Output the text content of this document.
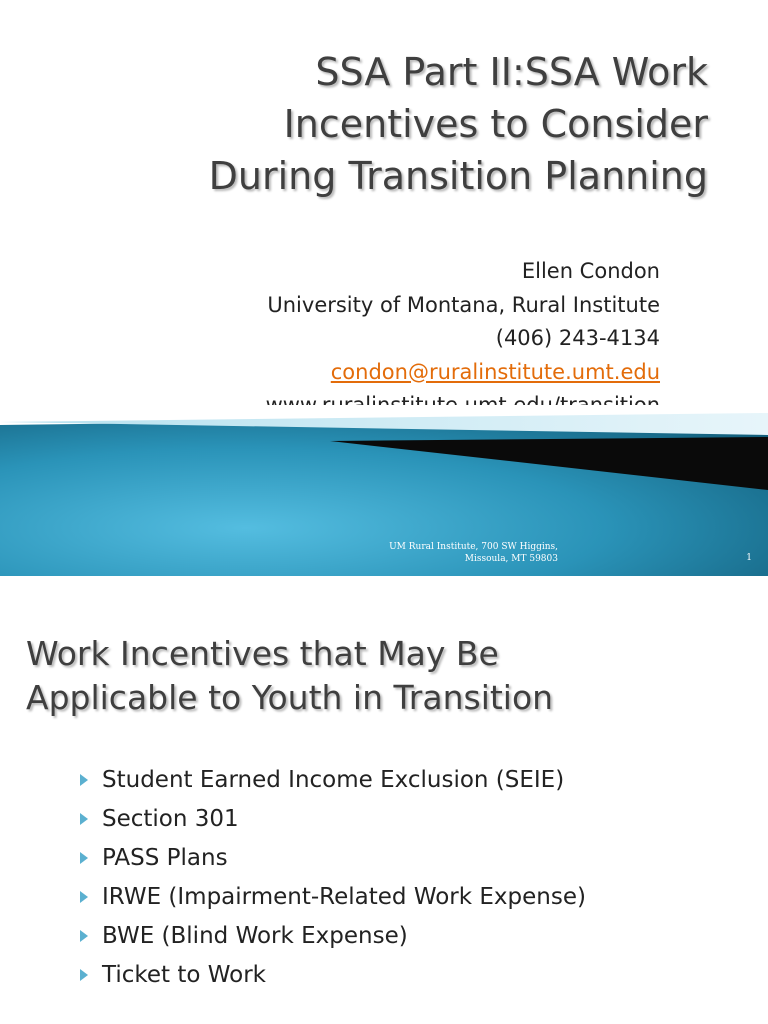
SSA Part II:SSA Work
Incentives to Consider
During Transition Planning
Ellen Condon
University of Montana, Rural Institute
(406) 243-4134
condon@ruralinstitute.umt.edu
UM Rural Institute, 700 SW Higgins,
Missoula, MT 59803	1
Work Incentives that May Be
Applicable to Youth in Transition
Student Earned Income Exclusion (SEIE)
Section 301
PASS Plans
IRWE (Impairment-Related Work Expense)
BWE (Blind Work Expense)
Ticket to Work
